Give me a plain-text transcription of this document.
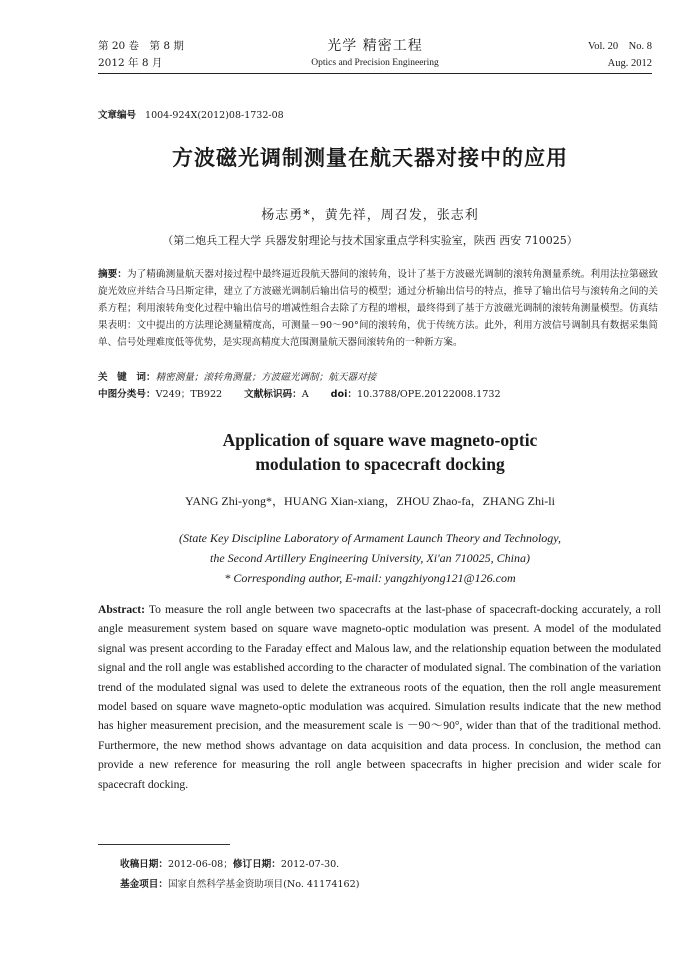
第 20 卷　第 8 期
2012 年 8 月
光学 精密工程
Optics and Precision Engineering
Vol. 20　No. 8
Aug. 2012
文章编号 1004-924X(2012)08-1732-08
方波磁光调制测量在航天器对接中的应用
杨志勇*，黄先祥，周召发，张志利
（第二炮兵工程大学 兵器发射理论与技术国家重点学科实验室，陕西 西安 710025）
摘要：为了精确测量航天器对接过程中最终逼近段航天器间的滚转角，设计了基于方波磁光调制的滚转角测量系统。利用法拉第磁致旋光效应并结合马吕斯定律，建立了方波磁光调制后输出信号的模型；通过分析输出信号的特点，推导了输出信号与滚转角之间的关系方程；利用滚转角变化过程中输出信号的增减性组合去除了方程的增根，最终得到了基于方波磁光调制的滚转角测量模型。仿真结果表明：文中提出的方法理论测量精度高，可测量－90～90°间的滚转角，优于传统方法。此外，利用方波信号调制具有数据采集简单、信号处理难度低等优势，是实现高精度大范围测量航天器间滚转角的一种新方案。
关　键　词：精密测量；滚转角测量；方波磁光调制；航天器对接
中图分类号：V249；TB922 文献标识码：A doi：10.3788/OPE.20122008.1732
Application of square wave magneto-optic
modulation to spacecraft docking
YANG Zhi-yong*，HUANG Xian-xiang，ZHOU Zhao-fa，ZHANG Zhi-li
(State Key Discipline Laboratory of Armament Launch Theory and Technology,
the Second Artillery Engineering University, Xi'an 710025, China)
* Corresponding author, E-mail: yangzhiyong121@126.com
Abstract: To measure the roll angle between two spacecrafts at the last-phase of spacecraft-docking accurately, a roll angle measurement system based on square wave magneto-optic modulation was present. A model of the modulated signal was present according to the Faraday effect and Malous law, and the relationship equation between the modulated signal and the roll angle was established according to the character of modulated signal. The combination of the variation trend of the modulated signal was used to delete the extraneous roots of the equation, then the roll angle measurement model based on square wave magneto-optic modulation was acquired. Simulation results indicate that the new method has higher measurement precision, and the measurement scale is －90～90°, wider than that of the traditional method. Furthermore, the new method shows advantage on data acquisition and data process. In conclusion, the method can provide a new reference for measuring the roll angle between spacecrafts in higher precision and wider scale for spacecraft docking.
收稿日期：2012-06-08；修订日期：2012-07-30.
基金项目：国家自然科学基金资助项目(No. 41174162)
